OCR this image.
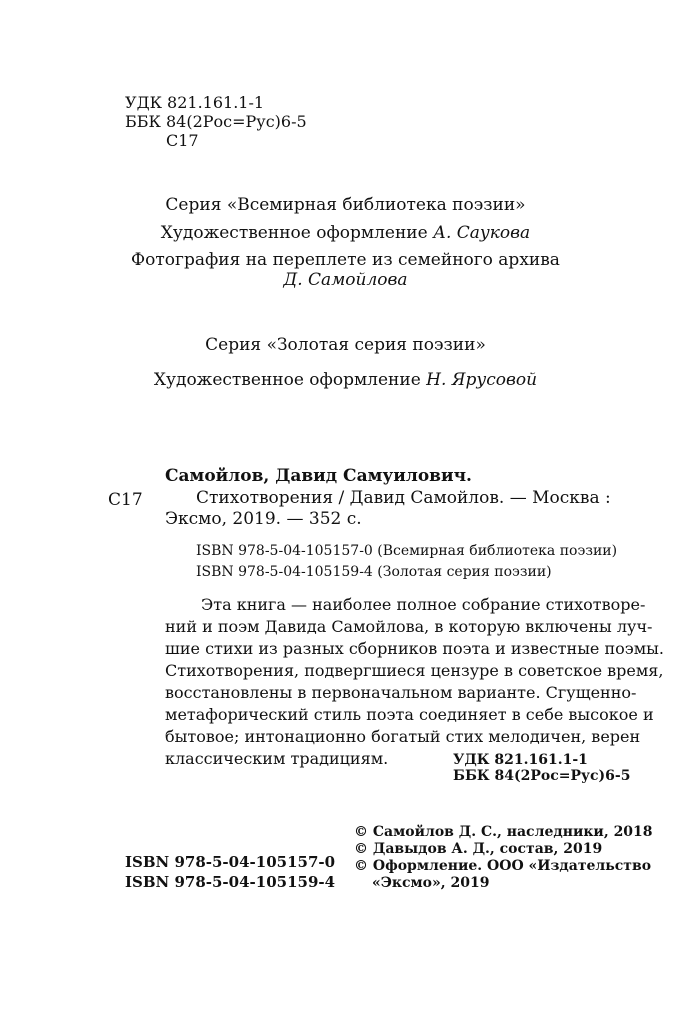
УДК 821.161.1-1
ББК 84(2Рос=Рус)6-5
С17
Серия «Всемирная библиотека поэзии»
Художественное оформление А. Саукова
Фотография на переплете из семейного архива
Д. Самойлова
Серия «Золотая серия поэзии»
Художественное оформление Н. Ярусовой
Самойлов, Давид Самуилович.
С17	Стихотворения / Давид Самойлов. — Москва :
Эксмо, 2019. — 352 с.
ISBN 978-5-04-105157-0 (Всемирная библиотека поэзии)
ISBN 978-5-04-105159-4 (Золотая серия поэзии)

Эта книга — наиболее полное собрание стихотворе-

ний и поэм Давида Самойлова, в которую включены луч-

шие стихи из разных сборников поэта и известные поэмы.

Стихотворения, подвергшиеся цензуре в советское время,

восстановлены в первоначальном варианте. Сгущенно-

метафорический стиль поэта соединяет в себе высокое и

бытовое; интонационно богатый стих мелодичен, верен

классическим традициям.	УДК 821.161.1-1
ББК 84(2Рос=Рус)6-5
ISBN 978-5-04-105157-0
ISBN 978-5-04-105159-4
© Самойлов Д. С., наследники, 2018
© Давыдов А. Д., состав, 2019
© Оформление. ООО «Издательство
«Эксмо», 2019
